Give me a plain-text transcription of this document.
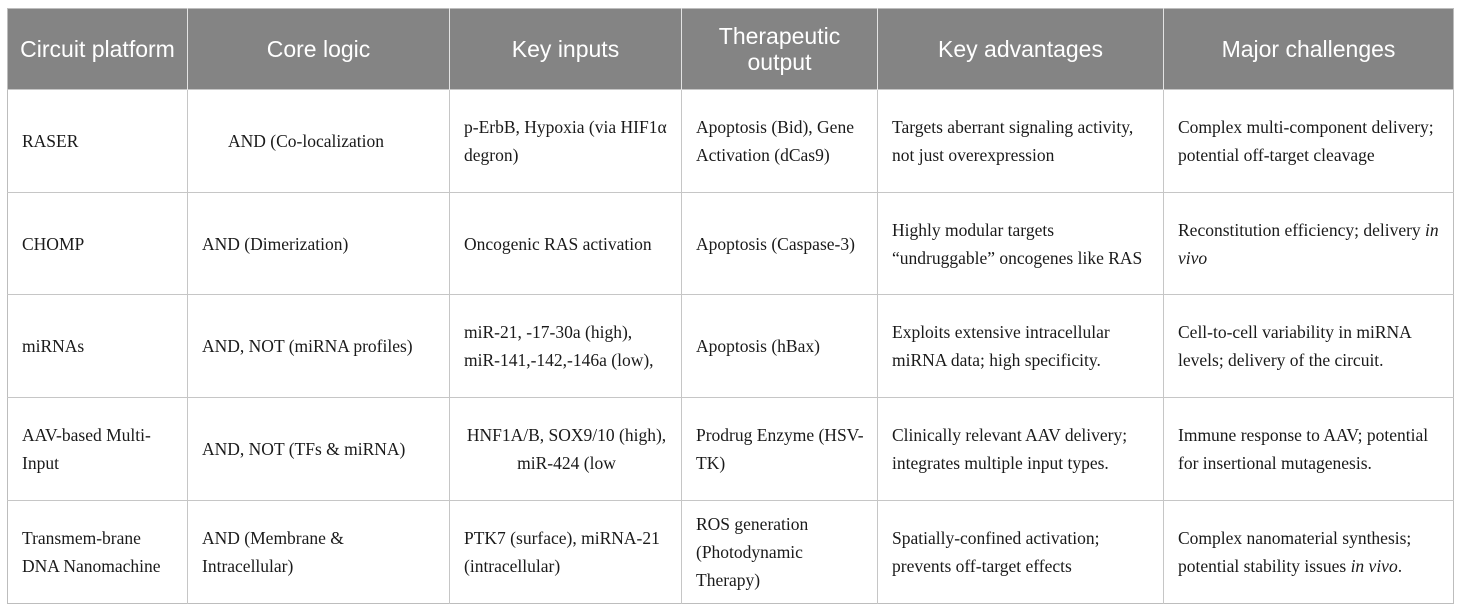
Circuit platform	Core logic	Key inputs	Therapeutic output	Key advantages	Major challenges
RASER	AND (Co-localization	p-ErbB, Hypoxia (via HIF1α degron)	Apoptosis (Bid), Gene Activation (dCas9)	Targets aberrant signaling activity, not just overexpression	Complex multi-component delivery; potential off-target cleavage
CHOMP	AND (Dimerization)	Oncogenic RAS activation	Apoptosis (Caspase-3)	Highly modular targets “undruggable” oncogenes like RAS	Reconstitution efficiency; delivery in vivo
miRNAs	AND, NOT (miRNA profiles)	miR-21, -17-30a (high), miR-141,-142,-146a (low),	Apoptosis (hBax)	Exploits extensive intracellular miRNA data; high specificity.	Cell-to-cell variability in miRNA levels; delivery of the circuit.
AAV-based Multi-Input	AND, NOT (TFs & miRNA)	HNF1A/B, SOX9/10 (high), miR-424 (low	Prodrug Enzyme (HSV-TK)	Clinically relevant AAV delivery; integrates multiple input types.	Immune response to AAV; potential for insertional mutagenesis.
Transmem-brane DNA Nanomachine	AND (Membrane & Intracellular)	PTK7 (surface), miRNA-21 (intracellular)	ROS generation (Photodynamic Therapy)	Spatially-confined activation; prevents off-target effects	Complex nanomaterial synthesis; potential stability issues in vivo.
